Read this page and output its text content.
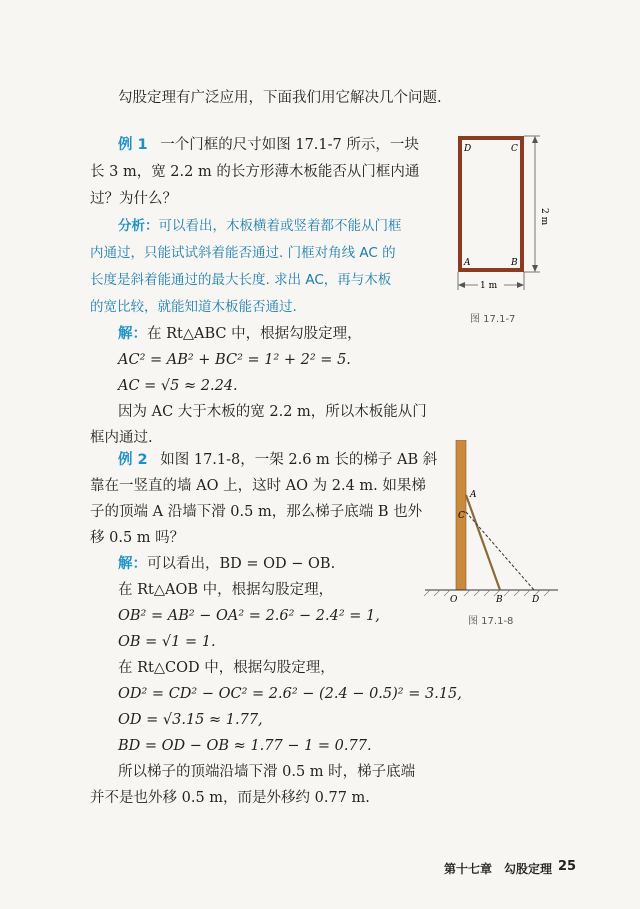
勾股定理有广泛应用，下面我们用它解决几个问题.
例 1 一个门框的尺寸如图 17.1-7 所示，一块
长 3 m，宽 2.2 m 的长方形薄木板能否从门框内通
过？为什么？
分析：可以看出，木板横着或竖着都不能从门框
内通过，只能试试斜着能否通过. 门框对角线 AC 的
长度是斜着能通过的最大长度. 求出 AC，再与木板
的宽比较，就能知道木板能否通过.
解：在 Rt△ABC 中，根据勾股定理，
AC² = AB² + BC² = 1² + 2² = 5.
AC = √5 ≈ 2.24.
因为 AC 大于木板的宽 2.2 m，所以木板能从门
框内通过.
2 m
1 m
D	C
A	B
图 17.1-7
例 2 如图 17.1-8，一架 2.6 m 长的梯子 AB 斜
靠在一竖直的墙 AO 上，这时 AO 为 2.4 m. 如果梯
子的顶端 A 沿墙下滑 0.5 m，那么梯子底端 B 也外
移 0.5 m 吗？
解：可以看出，BD = OD − OB.
在 Rt△AOB 中，根据勾股定理，
OB² = AB² − OA² = 2.6² − 2.4² = 1,
OB = √1 = 1.
在 Rt△COD 中，根据勾股定理，
OD² = CD² − OC² = 2.6² − (2.4 − 0.5)² = 3.15,
OD = √3.15 ≈ 1.77,
BD = OD − OB ≈ 1.77 − 1 = 0.77.
所以梯子的顶端沿墙下滑 0.5 m 时，梯子底端
并不是也外移 0.5 m，而是外移约 0.77 m.
A
C
O	B	D
图 17.1-8
第十七章　勾股定理 25
